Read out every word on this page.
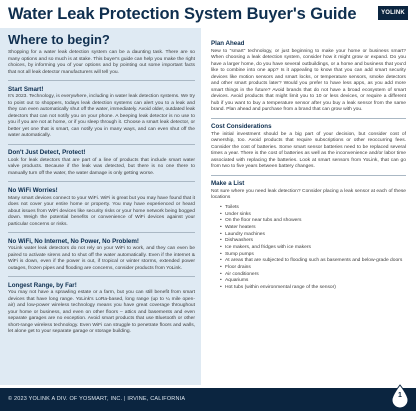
Water Leak Protection System Buyer's Guide	YOLINK
Where to begin?

Shopping for a water leak detection system can be a daunting task. There are so many options and so much is at stake. This buyer's guide can help you make the right choices, by informing you of your options and by pointing out some important facts that not all leak detector manufacturers will tell you.

Start Smart!

It's 2023. Technology, is everywhere, including in water leak detection systems. We try to point out to shoppers, todays leak detection systems can alert you to a leak and they can even automatically shut off the water, immediately. Avoid older, outdated leak detectors that can not notify you on your phone. A beeping leak detector is no use to you if you are not at home, or if you sleep through it. Choose a smart leak detector, or better yet one that is smart, can notify you in many ways, and can even shut off the water automatically.

Don't Just Detect, Protect!

Look for leak detectors that are part of a line of products that include smart water valve products. Because if the leak was detected, but there is no one there to manually turn off the water, the water damage is only getting worse.

No WiFi Worries!

Many smart devices connect to your WiFi. WiFi is great but you may have found that it does not cover your entire home or property. You may have experienced or heard about issues from WiFi devices like security risks or your home network being bogged down. Weigh the potential benefits or convenience of WiFi devices against your particular concerns or risks.

No WiFi, No Internet, No Power, No Problem!

YoLink water leak detectors do not rely on your WiFi to work, and they can even be paired to activate sirens and to shut off the water automatically. Even if the internet & WiFi is down, even if the power is out, if tropical or winter storms, extended power outages, frozen pipes and flooding are concerns, consider products from YoLink.

Longest Range, by Far!

You may not have a sprawling estate or a farm, but you can still benefit from smart devices that have long range. YoLink's LoRa-based, long range (up to ¼ mile open-air) and low-power wireless technology means you have great coverage throughout your home or business, and even on other floors – attics and basements and even separate garages are no exception. Avoid smart products that use Bluetooth or other short-range wireless technology. Even WiFi can struggle to penetrate floors and walls, let alone get to your separate garage or storage building.

Plan Ahead

New to "smart" technology, or just beginning to make your home or business smart? When choosing a leak detection system, consider how it might grow or expand. Do you have a larger home, do you have several outbuildings, or a home and business that you'd like to combine into one app? Is it appealing to know that you can add smart security devices like motion sensors and smart locks, or temperature sensors, smoke detectors and other smart products later? Would you prefer to have less apps, as you add more smart things in the future? Avoid brands that do not have a broad ecosystem of smart devices. Avoid products that might limit you to 10 or less devices, or require a different hub if you want to buy a temperature sensor after you buy a leak sensor from the same brand. Plan ahead and purchase from a brand that can grow with you.

Cost Considerations

The initial investment should be a big part of your decision, but consider cost of ownership, too. Avoid products that require subscriptions or other reoccurring fees. Consider the cost of batteries. Some smart sensor batteries need to be replaced several times a year. There is the cost of batteries as well as the inconvenience and/or labor time associated with replacing the batteries. Look at smart sensors from YoLink, that can go from two to five years between battery changes.

Make a List

Not sure where you need leak detection? Consider placing a leak sensor at each of these locations

• Toilets
• Under sinks
• On the floor near tubs and showers
• Water heaters
• Laundry machines
• Dishwashers
• Ice makers, and fridges with ice makers
• Sump pumps
• At areas that are subjected to flooding such as basements and below-grade doors
• Floor drains
• Air conditioners
• Aquariums
• Hot tubs (within environmental range of the sensor)
© 2023 YOLINK A DIV. OF YOSMART, INC. | IRVINE, CALIFORNIA	1
